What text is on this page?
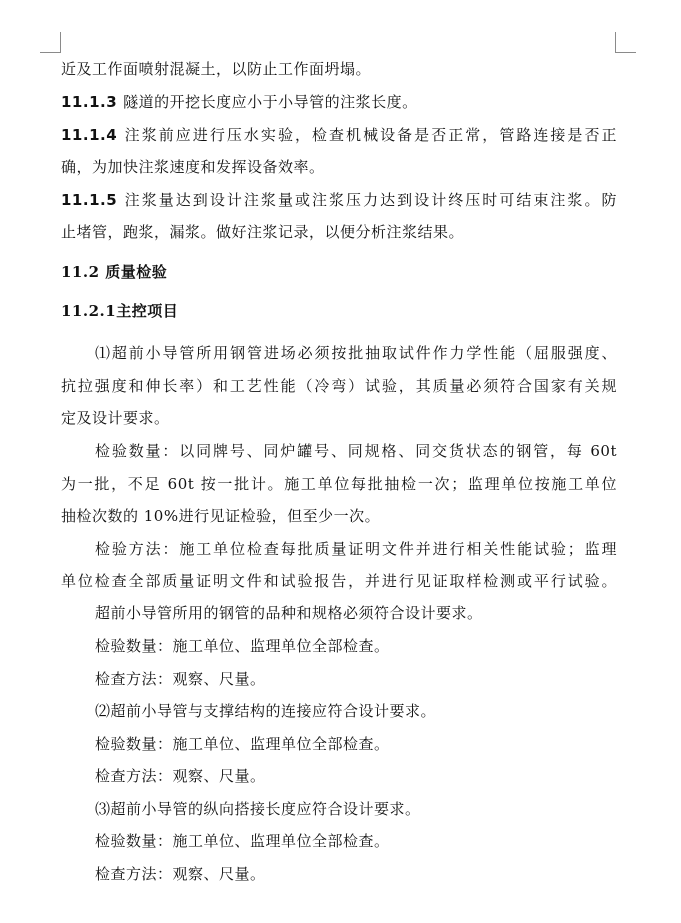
近及工作面喷射混凝土，以防止工作面坍塌。
11.1.3 隧道的开挖长度应小于小导管的注浆长度。
11.1.4 注浆前应进行压水实验，检查机械设备是否正常，管路连接是否正
确，为加快注浆速度和发挥设备效率。
11.1.5 注浆量达到设计注浆量或注浆压力达到设计终压时可结束注浆。防
止堵管，跑浆，漏浆。做好注浆记录，以便分析注浆结果。
11.2 质量检验
11.2.1主控项目
⑴超前小导管所用钢管进场必须按批抽取试件作力学性能（屈服强度、
抗拉强度和伸长率）和工艺性能（冷弯）试验，其质量必须符合国家有关规
定及设计要求。
检验数量：以同牌号、同炉罐号、同规格、同交货状态的钢管，每 60t
为一批，不足 60t 按一批计。施工单位每批抽检一次；监理单位按施工单位
抽检次数的 10%进行见证检验，但至少一次。
检验方法：施工单位检查每批质量证明文件并进行相关性能试验；监理
单位检查全部质量证明文件和试验报告，并进行见证取样检测或平行试验。
超前小导管所用的钢管的品种和规格必须符合设计要求。
检验数量：施工单位、监理单位全部检查。
检查方法：观察、尺量。
⑵超前小导管与支撑结构的连接应符合设计要求。
检验数量：施工单位、监理单位全部检查。
检查方法：观察、尺量。
⑶超前小导管的纵向搭接长度应符合设计要求。
检验数量：施工单位、监理单位全部检查。
检查方法：观察、尺量。
